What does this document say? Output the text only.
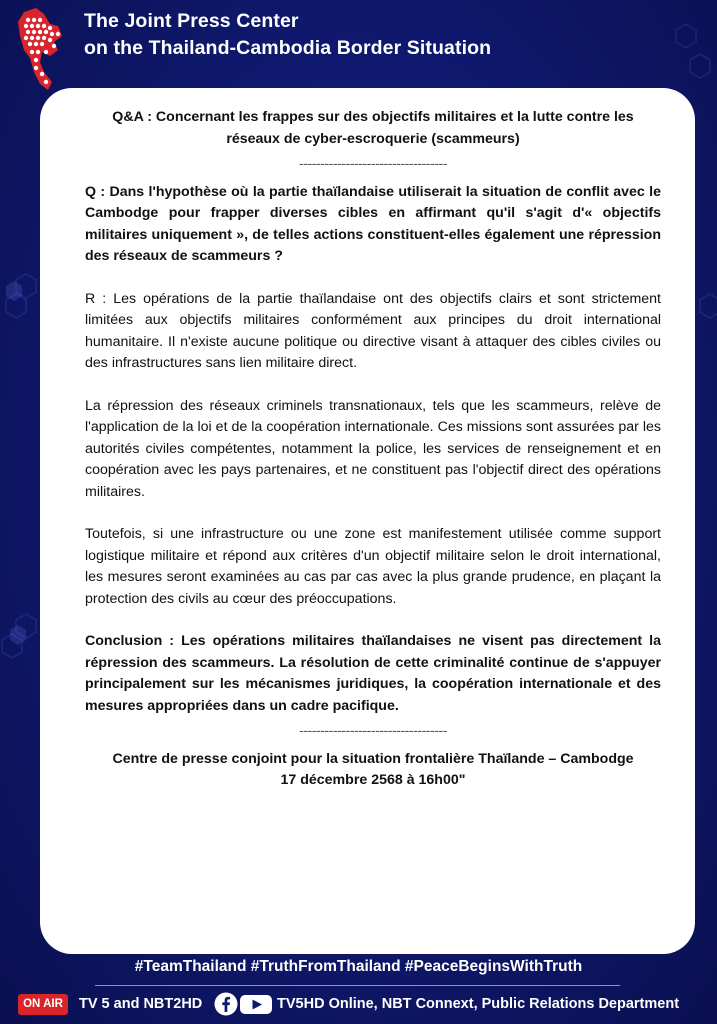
The Joint Press Center
on the Thailand-Cambodia Border Situation

Q&A : Concernant les frappes sur des objectifs militaires et la lutte contre les

réseaux de cyber-escroquerie (scammeurs)

-----------------------------------

Q : Dans l'hypothèse où la partie thaïlandaise utiliserait la situation de conflit avec le Cambodge pour frapper diverses cibles en affirmant qu'il s'agit d'« objectifs militaires uniquement », de telles actions constituent-elles également une répression des réseaux de scammeurs ?

R : Les opérations de la partie thaïlandaise ont des objectifs clairs et sont strictement limitées aux objectifs militaires conformément aux principes du droit international humanitaire. Il n'existe aucune politique ou directive visant à attaquer des cibles civiles ou des infrastructures sans lien militaire direct.

La répression des réseaux criminels transnationaux, tels que les scammeurs, relève de l'application de la loi et de la coopération internationale. Ces missions sont assurées par les autorités civiles compétentes, notamment la police, les services de renseignement et en coopération avec les pays partenaires, et ne constituent pas l'objectif direct des opérations militaires.

Toutefois, si une infrastructure ou une zone est manifestement utilisée comme support logistique militaire et répond aux critères d'un objectif militaire selon le droit international, les mesures seront examinées au cas par cas avec la plus grande prudence, en plaçant la protection des civils au cœur des préoccupations.

Conclusion : Les opérations militaires thaïlandaises ne visent pas directement la répression des scammeurs. La résolution de cette criminalité continue de s'appuyer principalement sur les mécanismes juridiques, la coopération internationale et des mesures appropriées dans un cadre pacifique.

-----------------------------------

Centre de presse conjoint pour la situation frontalière Thaïlande – Cambodge

17 décembre 2568 à 16h00"

#TeamThailand #TruthFromThailand #PeaceBeginsWithTruth
ON AIR	TV 5 and NBT2HD	TV5HD Online, NBT Connext, Public Relations Department
